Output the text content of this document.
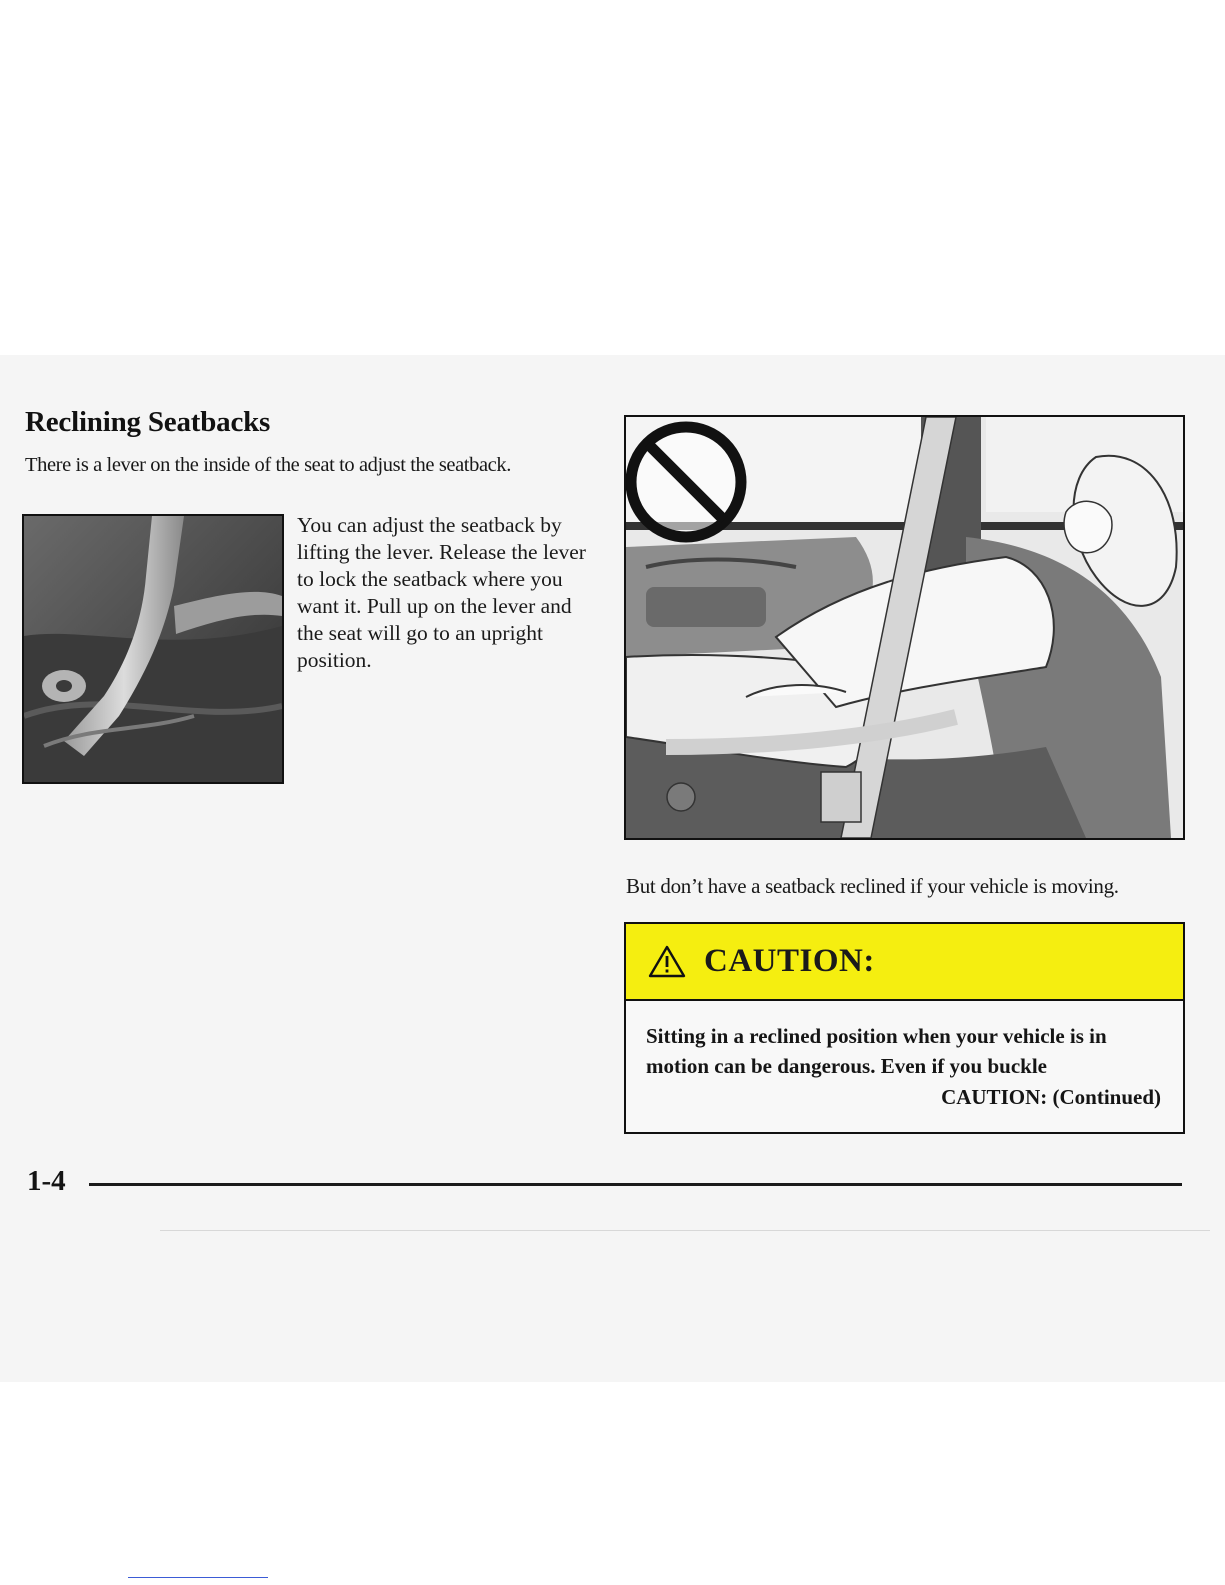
Reclining Seatbacks

There is a lever on the inside of the seat to adjust the seatback.

You can adjust the seatback by lifting the lever. Release the lever to lock the seatback where you want it. Pull up on the lever and the seat will go to an upright position.

But don’t have a seatback reclined if your vehicle is moving.

CAUTION:

Sitting in a reclined position when your vehicle is in motion can be dangerous. Even if you buckle

CAUTION: (Continued)
1-4
